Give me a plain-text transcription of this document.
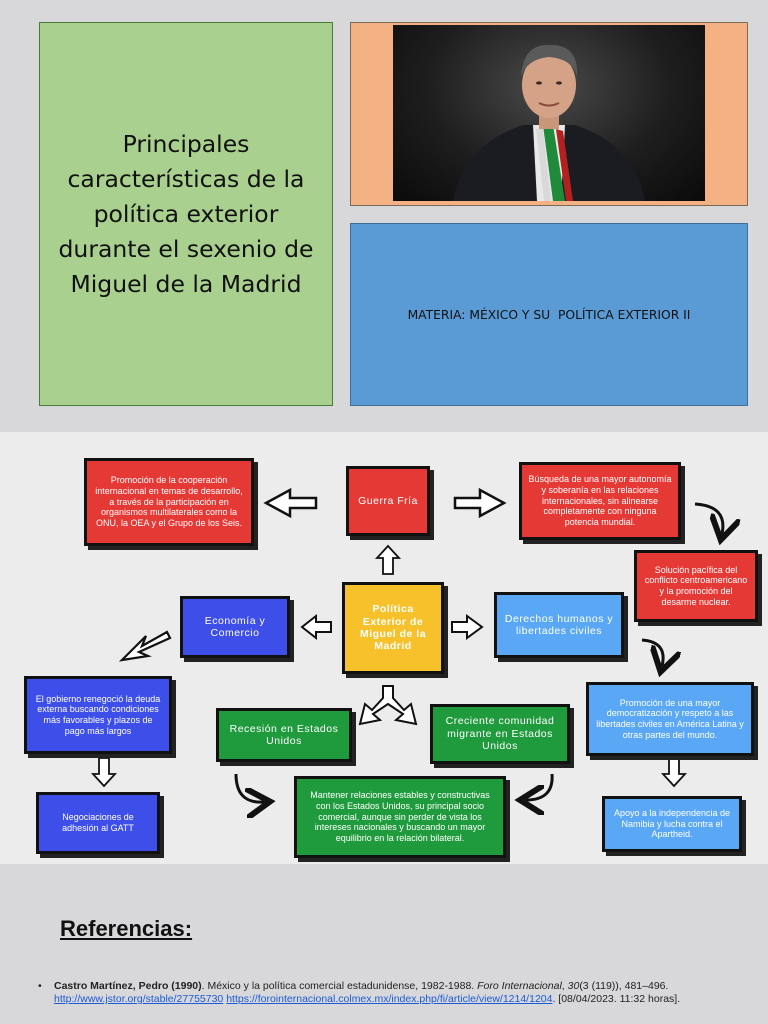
Principales
características de la
política exterior
durante el sexenio de
Miguel de la Madrid
MATERIA: MÉXICO Y SU  POLÍTICA EXTERIOR II
Promoción de la cooperación internacional en temas de desarrollo, a través de la participación en organismos multilaterales como la ONU, la OEA y el Grupo de los Seis.
Guerra Fría
Búsqueda de una mayor autonomía y soberanía en las relaciones internacionales, sin alinearse completamente con ninguna potencia mundial.
Solución pacífica del conflicto centroamericano y la promoción del desarme nuclear.
Economía y Comercio
Política Exterior de Miguel de la Madrid
Derechos humanos y libertades civiles
El gobierno renegoció la deuda externa buscando condiciones más favorables y plazos de pago más largos	Recesión en Estados Unidos
Creciente comunidad migrante en Estados Unidos
Promoción de una mayor democratización y respeto a las libertades civiles en América Latina y otras partes del mundo.
Negociaciones de adhesión al GATT
Mantener relaciones estables y constructivas con los Estados Unidos, su principal socio comercial, aunque sin perder de vista los intereses nacionales y buscando un mayor equilibrio en la relación bilateral.
Apoyo a la independencia de Namibia y lucha contra el Apartheid.
Referencias:
• Castro Martínez, Pedro (1990). México y la política comercial estadunidense, 1982-1988. Foro Internacional, 30(3 (119)), 481–496. http://www.jstor.org/stable/27755730 https://forointernacional.colmex.mx/index.php/fi/article/view/1214/1204. [08/04/2023. 11:32 horas].
